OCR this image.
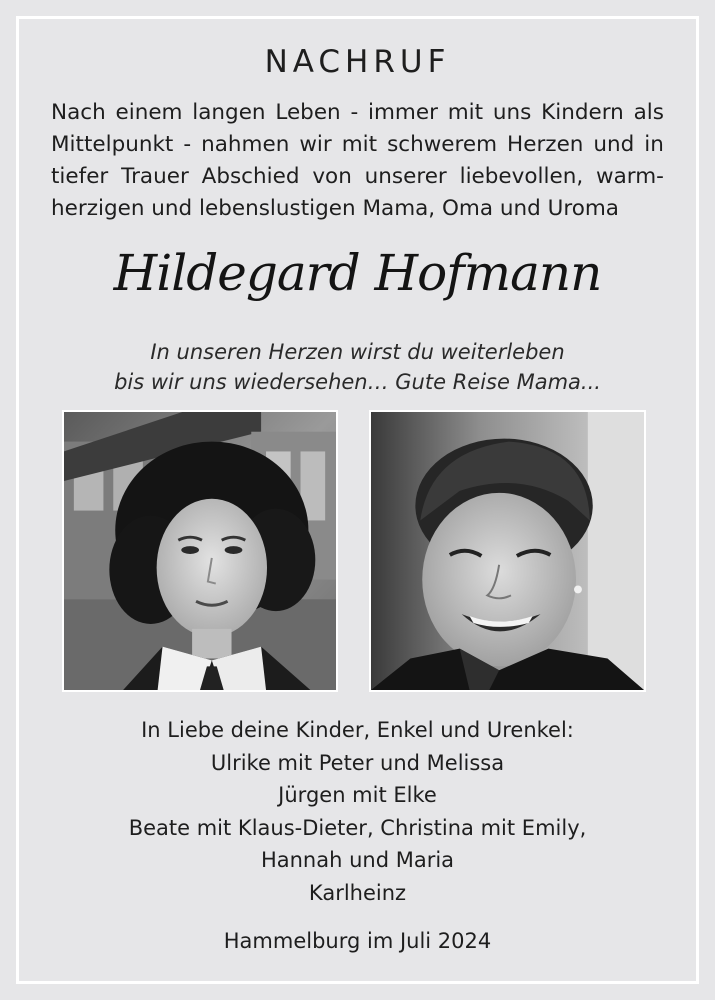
NACHRUF
Nach einem langen Leben - immer mit uns Kindern als
Mittelpunkt - nahmen wir mit schwerem Herzen und in
tiefer Trauer Abschied von unserer liebevollen, warm-
herzigen und lebenslustigen Mama, Oma und Uroma
Hildegard Hofmann
In unseren Herzen wirst du weiterleben
bis wir uns wiedersehen… Gute Reise Mama...
In Liebe deine Kinder, Enkel und Urenkel:
Ulrike mit Peter und Melissa
Jürgen mit Elke
Beate mit Klaus-Dieter, Christina mit Emily,
Hannah und Maria
Karlheinz
Hammelburg im Juli 2024
